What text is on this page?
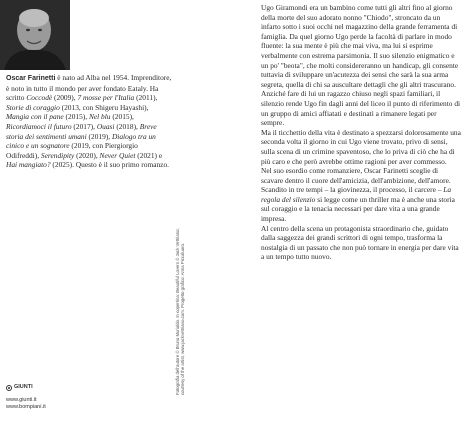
Oscar Farinetti è nato ad Alba nel 1954. Imprenditore, è noto in tutto il mondo per aver fondato Eataly. Ha scritto Coccodè (2009), 7 mosse per l'Italia (2011), Storie di coraggio (2013, con Shigeru Hayashi), Mangia con il pane (2015), Nel blu (2015), Ricordiamoci il futuro (2017), Ouasi (2018), Breve storia dei sentimenti umani (2019), Dialogo tra un cinico e un sognatore (2019, con Piergiorgio Odifreddi), Serendipity (2020), Never Quiet (2021) e Hai mangiato? (2025). Questo è il suo primo romanzo.
Fotografia dell'autore © Bruno Murialdo. In copertina: Beautiful Lovers © Jack Vettriano; courtesy of the artist, www.jackvettriano.com. Progetto grafico: Anna Piccaluoro.
GIUNTI
www.giunti.it
www.bompiani.it

Ugo Giramondi era un bambino come tutti gli altri fino al giorno della morte del suo adorato nonno "Chiodo", stroncato da un infarto sotto i suoi occhi nel magazzino della grande ferramenta di famiglia. Da quel giorno Ugo perde la facoltà di parlare in modo fluente: la sua mente è più che mai viva, ma lui si esprime verbalmente con estrema parsimonia. Il suo silenzio enigmatico e un po' "beota", che molti considereranno un handicap, gli consente tuttavia di sviluppare un'acutezza dei sensi che sarà la sua arma segreta, quella di chi sa auscultare dettagli che gli altri trascurano. Anziché fare di lui un ragazzo chiuso negli spazi familiari, il silenzio rende Ugo fin dagli anni del liceo il punto di riferimento di un gruppo di amici affiatati e destinati a rimanere legati per sempre.

Ma il ticchettio della vita è destinato a spezzarsi dolorosamente una seconda volta il giorno in cui Ugo viene trovato, privo di sensi, sulla scena di un crimine spaventoso, che lo priva di ciò che ha di più caro e che però avrebbe ottime ragioni per aver commesso.

Nel suo esordio come romanziere, Oscar Farinetti sceglie di scavare dentro il cuore dell'amicizia, dell'ambizione, dell'amore. Scandito in tre tempi – la giovinezza, il processo, il carcere – La regola del silenzio si legge come un thriller ma è anche una storia sul coraggio e la tenacia necessari per dare vita a una grande impresa.

Al centro della scena un protagonista straordinario che, guidato dalla saggezza dei grandi scrittori di ogni tempo, trasforma la nostalgia di un passato che non può tornare in energia per dare vita a un tempo tutto nuovo.
